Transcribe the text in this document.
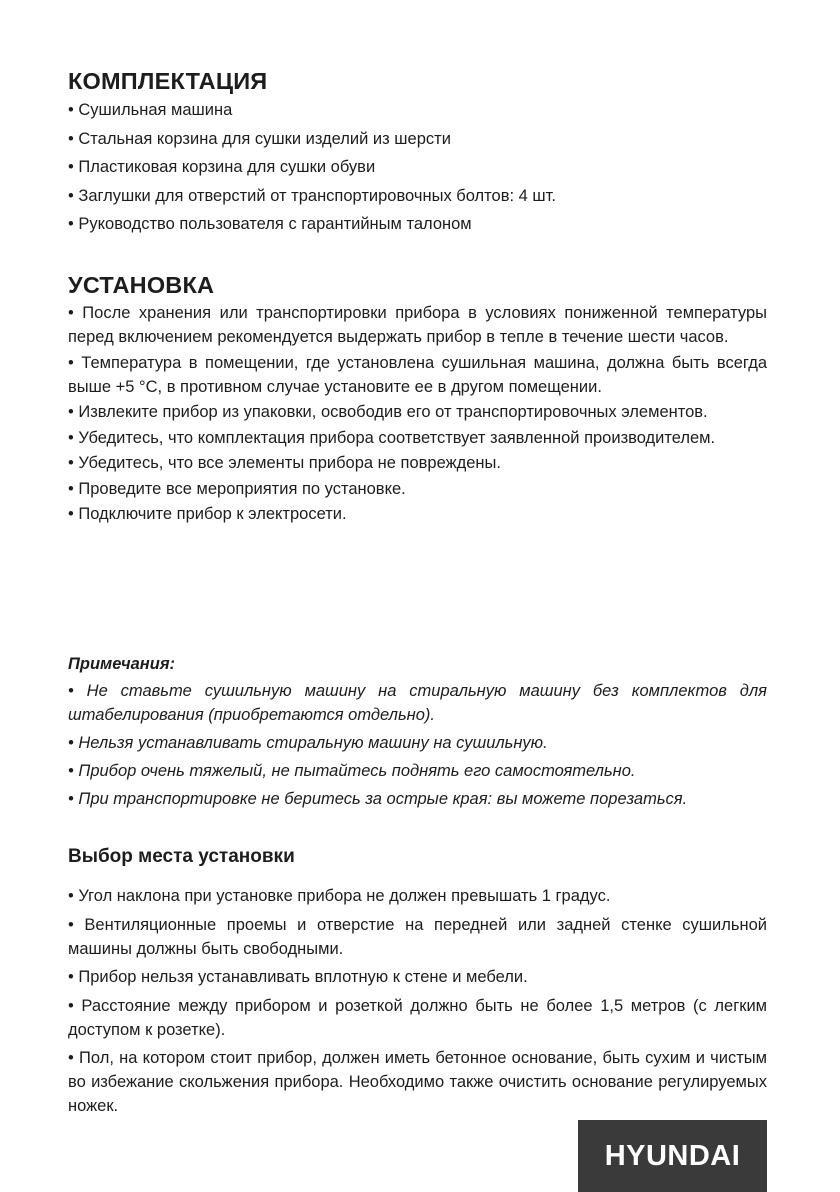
КОМПЛЕКТАЦИЯ

• Сушильная машина

• Стальная корзина для сушки изделий из шерсти

• Пластиковая корзина для сушки обуви

• Заглушки для отверстий от транспортировочных болтов: 4 шт.

• Руководство пользователя с гарантийным талоном

УСТАНОВКА

• После хранения или транспортировки прибора в условиях пониженной температуры перед включением рекомендуется выдержать прибор в тепле в течение шести часов.

• Температура в помещении, где установлена сушильная машина, должна быть всегда выше +5 °С, в противном случае установите ее в другом помещении.

• Извлеките прибор из упаковки, освободив его от транспортировочных элементов.

• Убедитесь, что комплектация прибора соответствует заявленной производителем.

• Убедитесь, что все элементы прибора не повреждены.

• Проведите все мероприятия по установке.

• Подключите прибор к электросети.

Примечания:

• Не ставьте сушильную машину на стиральную машину без комплектов для штабелирования (приобретаются отдельно).

• Нельзя устанавливать стиральную машину на сушильную.

• Прибор очень тяжелый, не пытайтесь поднять его самостоятельно.

• При транспортировке не беритесь за острые края: вы можете порезаться.

Выбор места установки

• Угол наклона при установке прибора не должен превышать 1 градус.

• Вентиляционные проемы и отверстие на передней или задней стенке сушильной машины должны быть свободными.

• Прибор нельзя устанавливать вплотную к стене и мебели.

• Расстояние между прибором и розеткой должно быть не более 1,5 метров (с легким доступом к розетке).

• Пол, на котором стоит прибор, должен иметь бетонное основание, быть сухим и чистым во избежание скольжения прибора. Необходимо также очистить основание регулируемых ножек.

HYUNDAI
